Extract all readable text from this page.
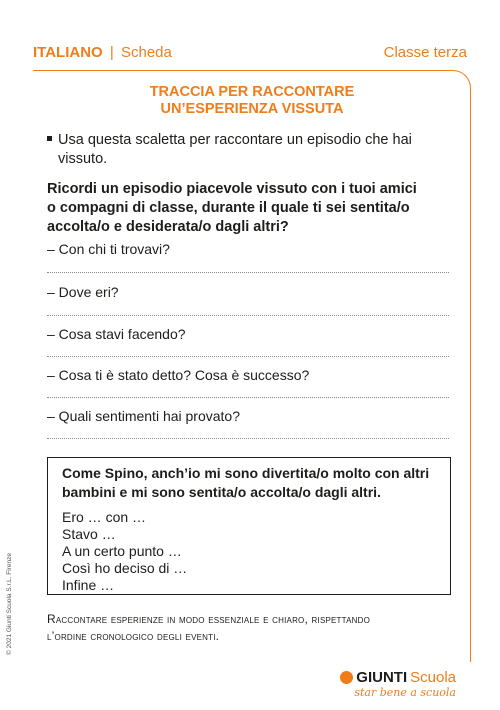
ITALIANO | Scheda	Classe terza
TRACCIA PER RACCONTARE
UN’ESPERIENZA VISSUTA
Usa questa scaletta per raccontare un episodio che hai
vissuto.
Ricordi un episodio piacevole vissuto con i tuoi amici
o compagni di classe, durante il quale ti sei sentita/o
accolta/o e desiderata/o dagli altri?
– Con chi ti trovavi?
– Dove eri?
– Cosa stavi facendo?
– Cosa ti è stato detto? Cosa è successo?
– Quali sentimenti hai provato?
Come Spino, anch’io mi sono divertita/o molto con altri
bambini e mi sono sentita/o accolta/o dagli altri.
Ero … con …
Stavo …
A un certo punto …
Così ho deciso di …
Infine …
Raccontare esperienze in modo essenziale e chiaro, rispettando
l’ordine cronologico degli eventi.
© 2021 Giunti Scuola S.r.L. Firenze
GIUNTI Scuola
star bene a scuola
